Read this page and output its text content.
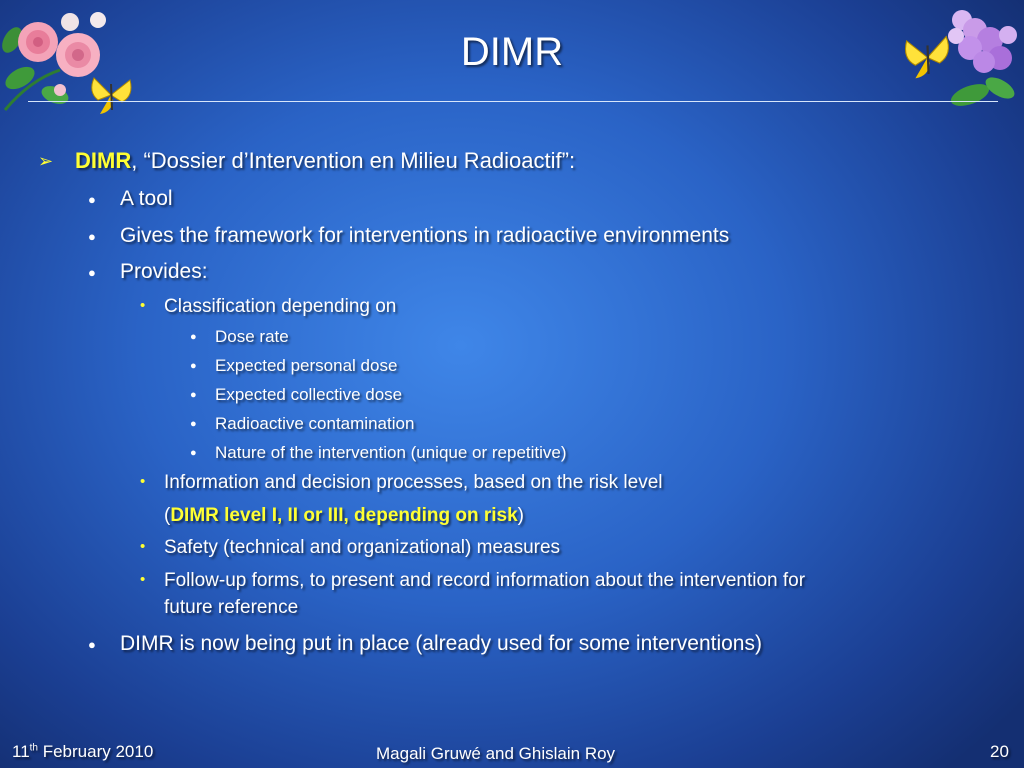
DIMR
➢ DIMR, “Dossier d’Intervention en Milieu Radioactif”:
● A tool
● Gives the framework for interventions in radioactive environments
● Provides:
• Classification depending on
● Dose rate
● Expected personal dose
● Expected collective dose
● Radioactive contamination
● Nature of the intervention (unique or repetitive)
• Information and decision processes, based on the risk level
(DIMR level I, II or III, depending on risk)
• Safety (technical and organizational) measures
• Follow-up forms, to present and record information about the intervention for
future reference
● DIMR is now being put in place (already used for some interventions)
11th February 2010	Magali Gruwé and Ghislain Roy	20
